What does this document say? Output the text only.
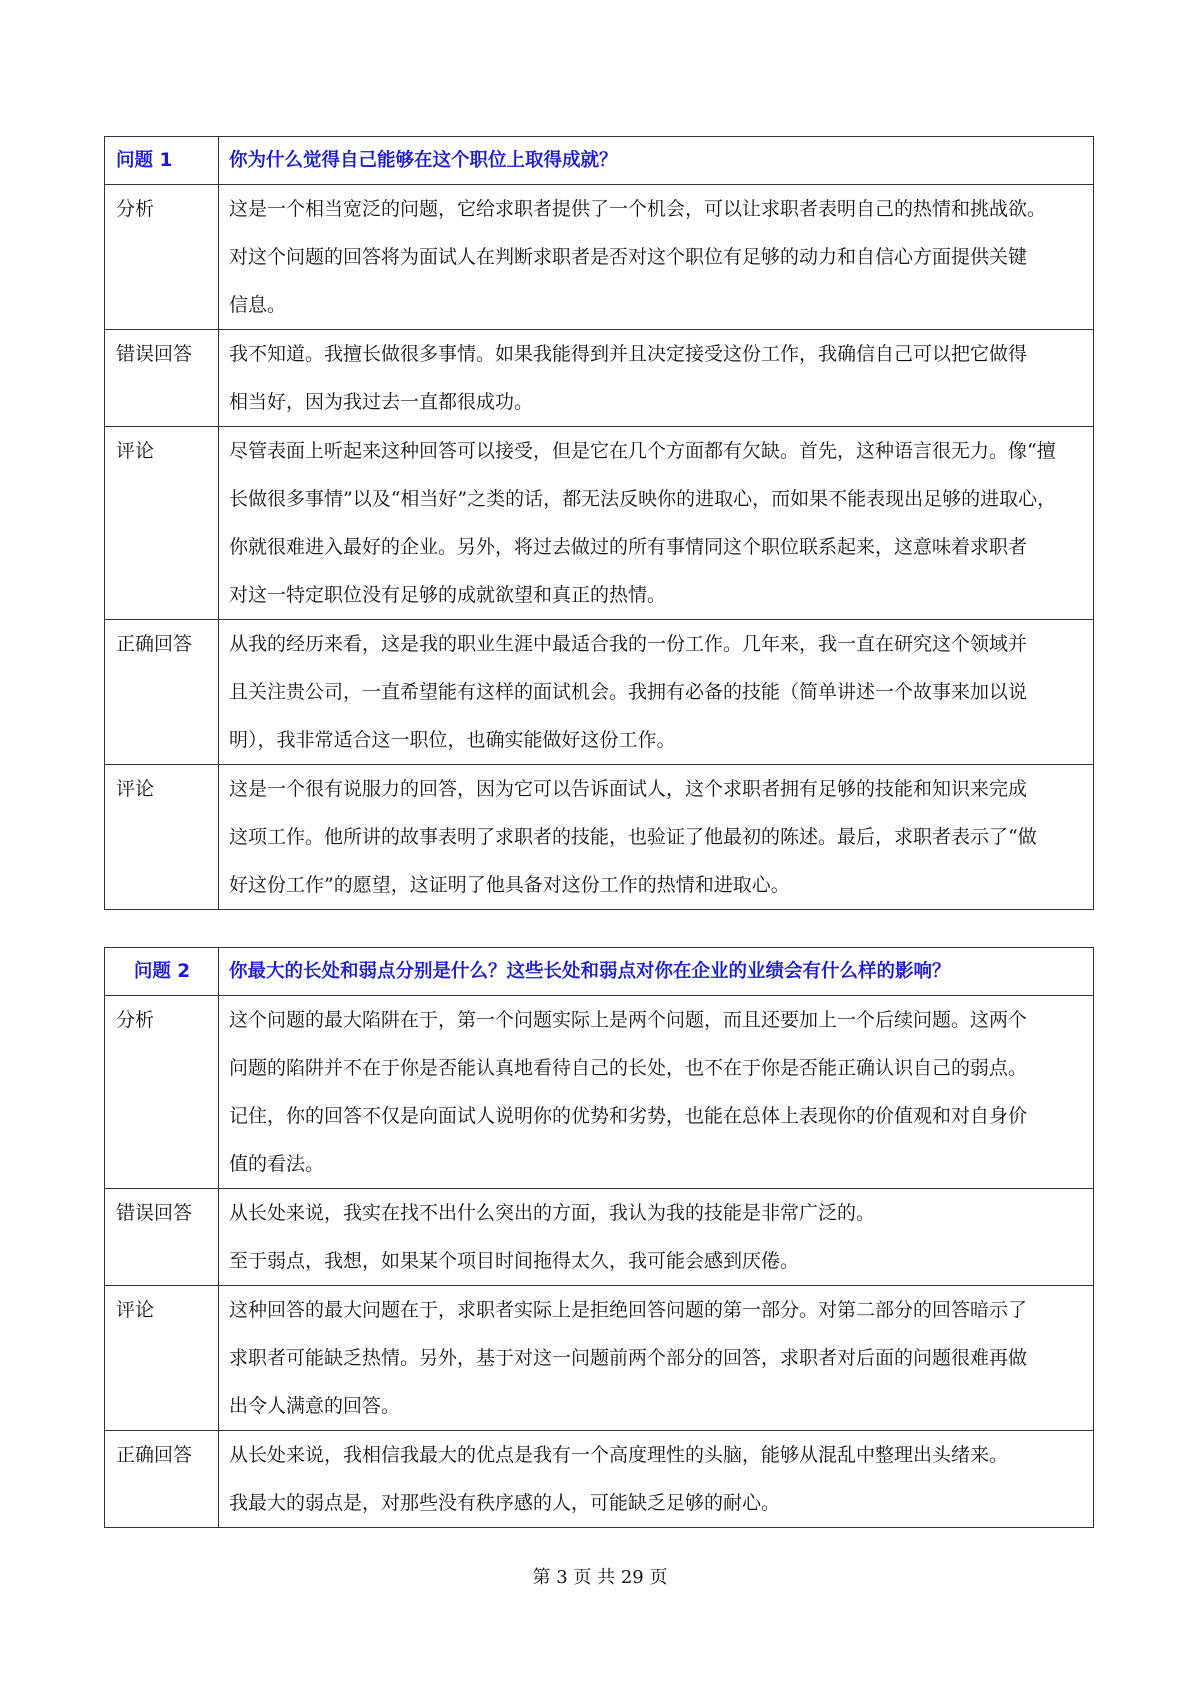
问题 1	你为什么觉得自己能够在这个职位上取得成就？
分析	这是一个相当宽泛的问题，它给求职者提供了一个机会，可以让求职者表明自己的热情和挑战欲。
对这个问题的回答将为面试人在判断求职者是否对这个职位有足够的动力和自信心方面提供关键
信息。

错误回答	我不知道。我擅长做很多事情。如果我能得到并且决定接受这份工作，我确信自己可以把它做得
相当好，因为我过去一直都很成功。

评论	尽管表面上听起来这种回答可以接受，但是它在几个方面都有欠缺。首先，这种语言很无力。像“擅
长做很多事情”以及“相当好”之类的话，都无法反映你的进取心，而如果不能表现出足够的进取心，
你就很难进入最好的企业。另外，将过去做过的所有事情同这个职位联系起来，这意味着求职者
对这一特定职位没有足够的成就欲望和真正的热情。

正确回答	从我的经历来看，这是我的职业生涯中最适合我的一份工作。几年来，我一直在研究这个领域并
且关注贵公司，一直希望能有这样的面试机会。我拥有必备的技能（简单讲述一个故事来加以说
明），我非常适合这一职位，也确实能做好这份工作。

评论	这是一个很有说服力的回答，因为它可以告诉面试人，这个求职者拥有足够的技能和知识来完成
这项工作。他所讲的故事表明了求职者的技能，也验证了他最初的陈述。最后，求职者表示了“做
好这份工作”的愿望，这证明了他具备对这份工作的热情和进取心。
问题 2	你最大的长处和弱点分别是什么？这些长处和弱点对你在企业的业绩会有什么样的影响？
分析	这个问题的最大陷阱在于，第一个问题实际上是两个问题，而且还要加上一个后续问题。这两个
问题的陷阱并不在于你是否能认真地看待自己的长处，也不在于你是否能正确认识自己的弱点。
记住，你的回答不仅是向面试人说明你的优势和劣势，也能在总体上表现你的价值观和对自身价
值的看法。

错误回答	从长处来说，我实在找不出什么突出的方面，我认为我的技能是非常广泛的。
至于弱点，我想，如果某个项目时间拖得太久，我可能会感到厌倦。

评论	这种回答的最大问题在于，求职者实际上是拒绝回答问题的第一部分。对第二部分的回答暗示了
求职者可能缺乏热情。另外，基于对这一问题前两个部分的回答，求职者对后面的问题很难再做
出令人满意的回答。

正确回答	从长处来说，我相信我最大的优点是我有一个高度理性的头脑，能够从混乱中整理出头绪来。
我最大的弱点是，对那些没有秩序感的人，可能缺乏足够的耐心。
第 3 页 共 29 页
